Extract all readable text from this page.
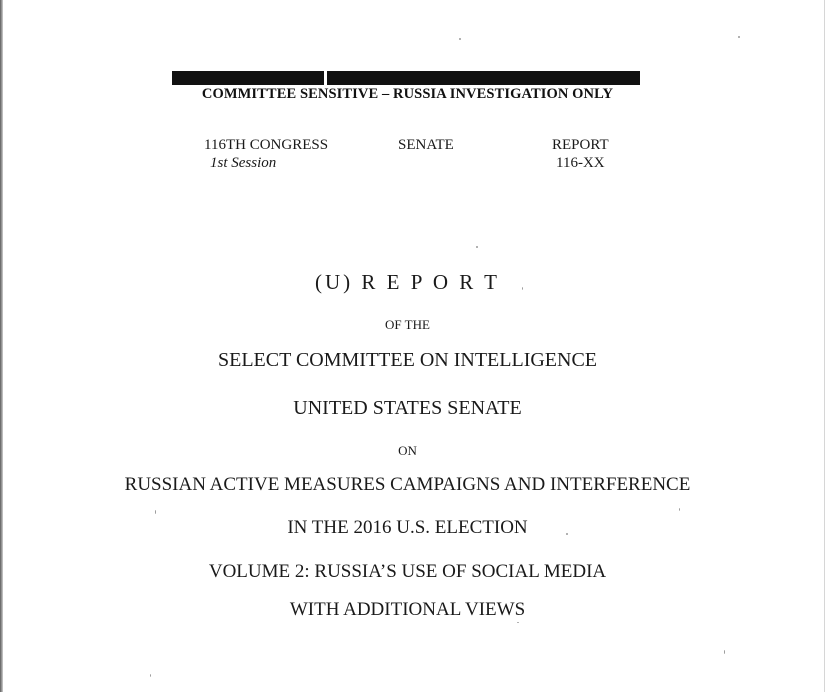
COMMITTEE SENSITIVE – RUSSIA INVESTIGATION ONLY
116TH CONGRESS
1st Session
SENATE	REPORT
116-XX
(U) R E P O R T
OF THE
SELECT COMMITTEE ON INTELLIGENCE
UNITED STATES SENATE
ON
RUSSIAN ACTIVE MEASURES CAMPAIGNS AND INTERFERENCE
IN THE 2016 U.S. ELECTION
VOLUME 2: RUSSIA’S USE OF SOCIAL MEDIA
WITH ADDITIONAL VIEWS
